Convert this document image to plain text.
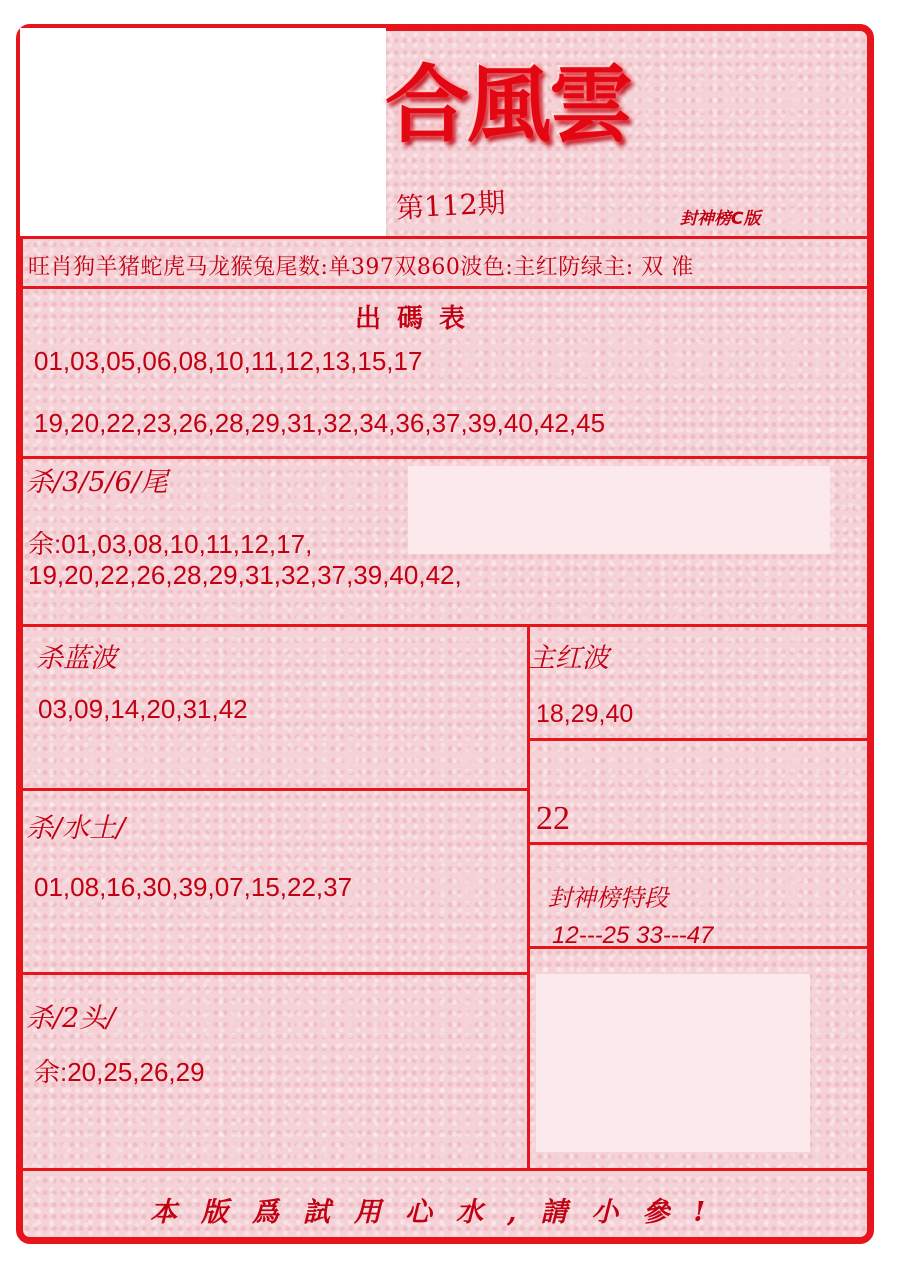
合風雲
第112期	封神榜C版
旺肖狗羊猪蛇虎马龙猴兔尾数:单397双860波色:主红防绿主: 双 准
出碼表
01,03,05,06,08,10,11,12,13,15,17
19,20,22,23,26,28,29,31,32,34,36,37,39,40,42,45
杀/3/5/6/尾
余:01,03,08,10,11,12,17,
19,20,22,26,28,29,31,32,37,39,40,42,
杀蓝波
03,09,14,20,31,42
主红波
18,29,40
22
杀/水土/
01,08,16,30,39,07,15,22,37	封神榜特段
12---25 33---47
杀/2头/
余:20,25,26,29
本版爲試用心水,請小參!
